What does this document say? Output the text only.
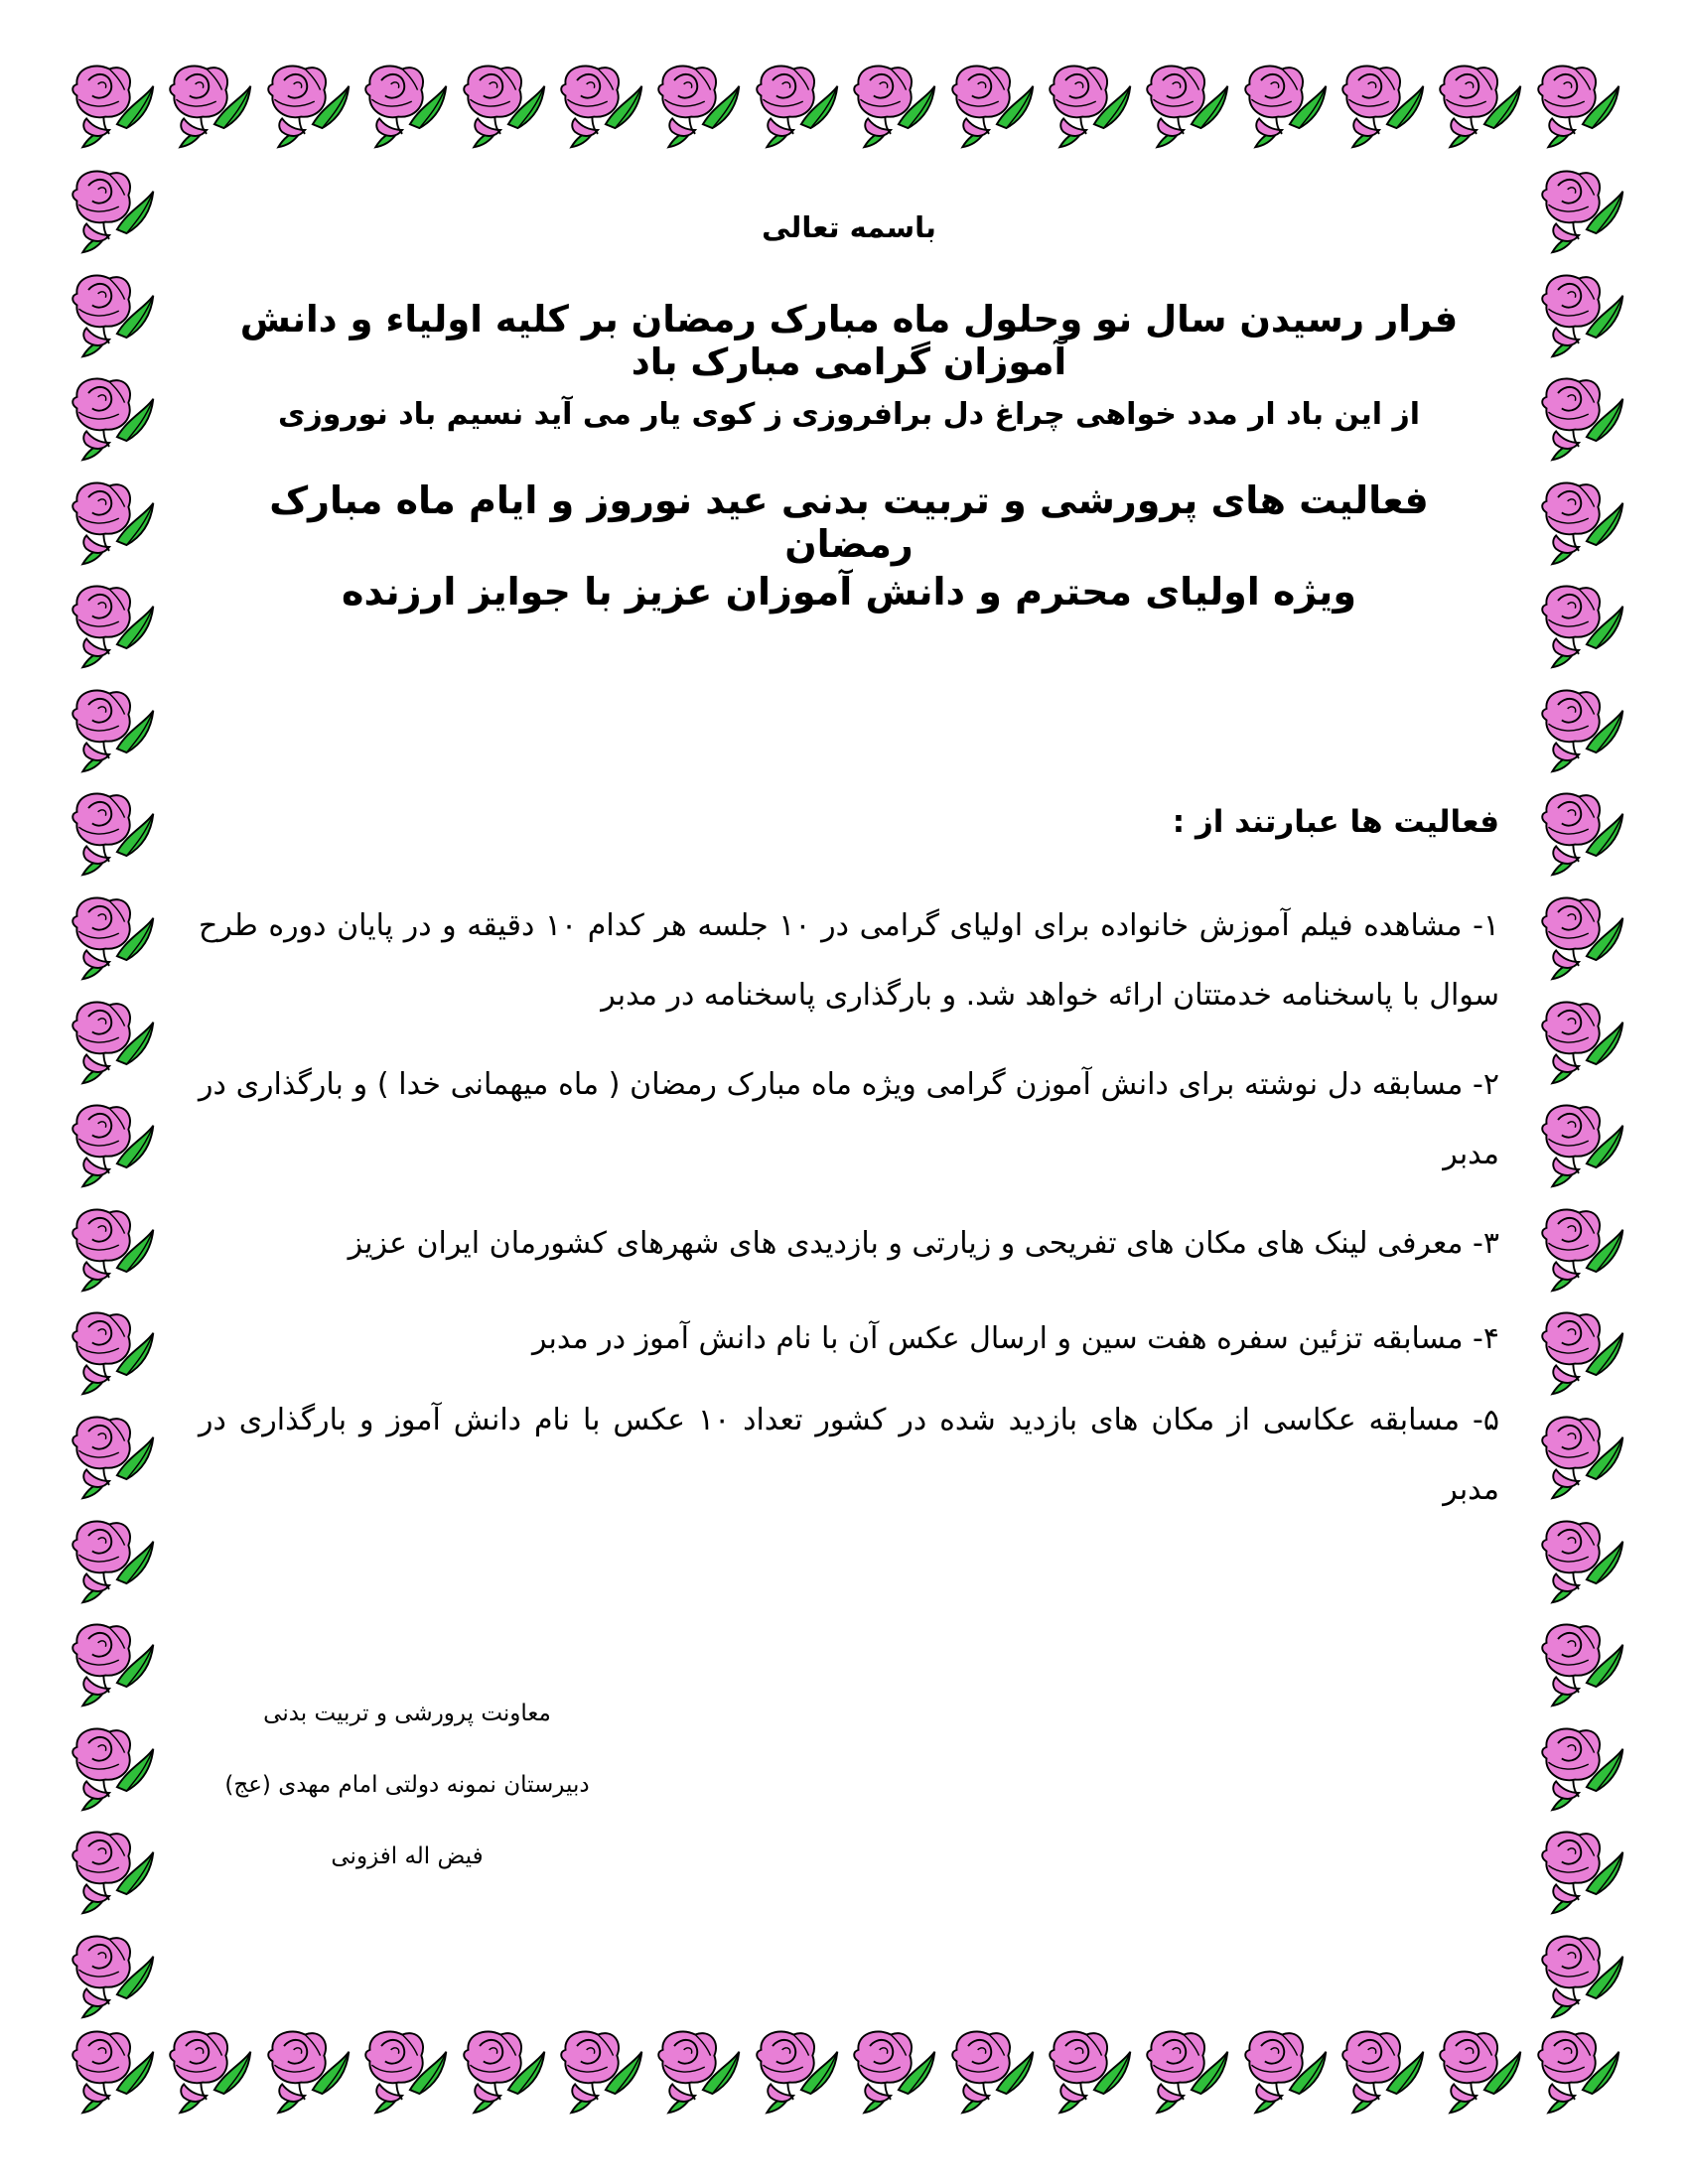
باسمه تعالی
فرار رسیدن سال نو وحلول ماه مبارک رمضان بر کلیه اولیاء و دانش آموزان گرامی مبارک باد
ز کوی یار می آید نسیم باد نوروزی از این باد ار مدد خواهی چراغ دل برافروزی
فعالیت های پرورشی و تربیت بدنی عید نوروز و ایام ماه مبارک رمضان
ویژه اولیای محترم و دانش آموزان عزیز با جوایز ارزنده
فعالیت ها عبارتند از :
۱- مشاهده فیلم آموزش خانواده برای اولیای گرامی در ۱۰ جلسه هر کدام ۱۰ دقیقه و در پایان دوره طرح سوال با پاسخنامه خدمتتان ارائه خواهد شد. و بارگذاری پاسخنامه در مدبر
۲- مسابقه دل نوشته برای دانش آموزن گرامی ویژه ماه مبارک رمضان ( ماه میهمانی خدا ) و بارگذاری در مدبر
۳- معرفی لینک های مکان های تفریحی و زیارتی و بازدیدی های شهرهای کشورمان ایران عزیز
۴- مسابقه تزئین سفره هفت سین و ارسال عکس آن با نام دانش آموز در مدبر
۵- مسابقه عکاسی از مکان های بازدید شده در کشور تعداد ۱۰ عکس با نام دانش آموز و بارگذاری در مدبر
معاونت پرورشی و تربیت بدنی
دبیرستان نمونه دولتی امام مهدی (عج)
فیض اله افزونی
